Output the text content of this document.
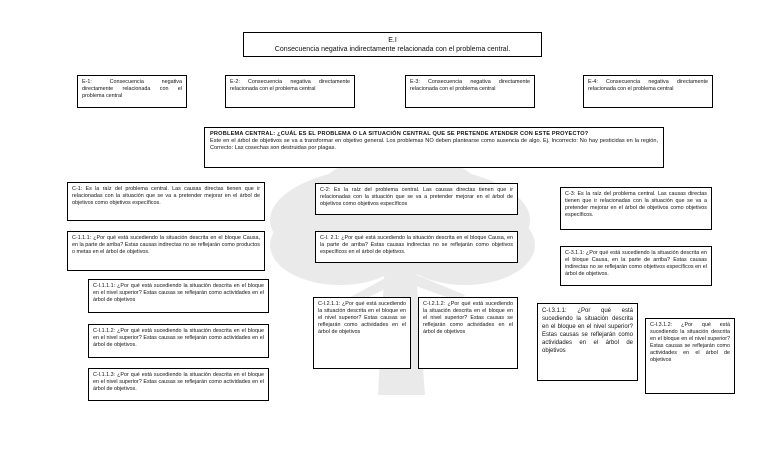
E.I
Consecuencia negativa indirectamente relacionada con el problema central.
E-1: Consecuencia negativa directamente relacionada con el problema central
E-2: Consecuencia negativa directamente relacionada con el problema central
E-3: Consecuencia negativa directamente relacionada con el problema central
E-4: Consecuencia negativa directamente relacionada con el problema central
PROBLEMA CENTRAL: ¿CUÁL ES EL PROBLEMA O LA SITUACIÓN CENTRAL QUE SE PRETENDE ATENDER CON ESTE PROYECTO?
Este en el árbol de objetivos se va a transformar en objetivo general. Los problemas NO deben plantearse como ausencia de algo. Ej. Incorrecto: No hay pesticidas en la región, Correcto: Las cosechas son destruidas por plagas.
C-1: Es la raíz del problema central. Las causas directas tienen que ir relacionadas con la situación que se va a pretender mejorar en el árbol de objetivos como objetivos específicos.
C-2: Es la raíz del problema central. Las causas directas tienen que ir relacionadas con la situación que se va a pretender mejorar en el árbol de objetivos como objetivos específicos
C-3: Es la raíz del problema central. Las causas directas tienen que ir relacionadas con la situación que se va a pretender mejorar en el árbol de objetivos como objetivos específicos.
C-1.1.1: ¿Por qué está sucediendo la situación descrita en el bloque Causa, en la parte de arriba? Estas causas indirectas no se reflejarán como productos o metas en el árbol de objetivos.
C-I. 2.1: ¿Por qué está sucediendo la situación descrita en el bloque Causa, en la parte de arriba? Estas causas indirectas no se reflejarán como objetivos específicos en el árbol de objetivos.	C-3.1.1: ¿Por qué está sucediendo la situación descrita en el bloque Causa, en la parte de arriba? Estas causas indirectas no se reflejarán como objetivos específicos en el árbol de objetivos.
C-I.1.1.1: ¿Por qué está sucediendo la situación descrita en el bloque en el nivel superior? Estas causas se reflejarán como actividades en el árbol de objetivos
C-I.1.1.2: ¿Por qué está sucediendo la situación descrita en el bloque en el nivel superior? Estas causas se reflejarán como actividades en el árbol de objetivos.
C-I.1.1.3: ¿Por qué está sucediendo la situación descrita en el bloque en el nivel superior? Estas causas se reflejarán como actividades en el árbol de objetivos.
C-I.2.1.1: ¿Por qué está sucediendo la situación descrita en el bloque en el nivel superior? Estas causas se reflejarán como actividades en el árbol de objetivos
C-I.2.1.2: ¿Por qué está sucediendo la situación descrita en el bloque en el nivel superior? Estas causas se reflejarán como actividades en el árbol de objetivos
C-I.3.1.1: ¿Por qué está sucediendo la situación descrita en el bloque en el nivel superior? Estas causas se reflejarán como actividades en el árbol de objetivos
C-I.3.1.2: ¿Por qué está sucediendo la situación descrita en el bloque en el nivel superior? Estas causas se reflejarán como actividades en el árbol de objetivos
